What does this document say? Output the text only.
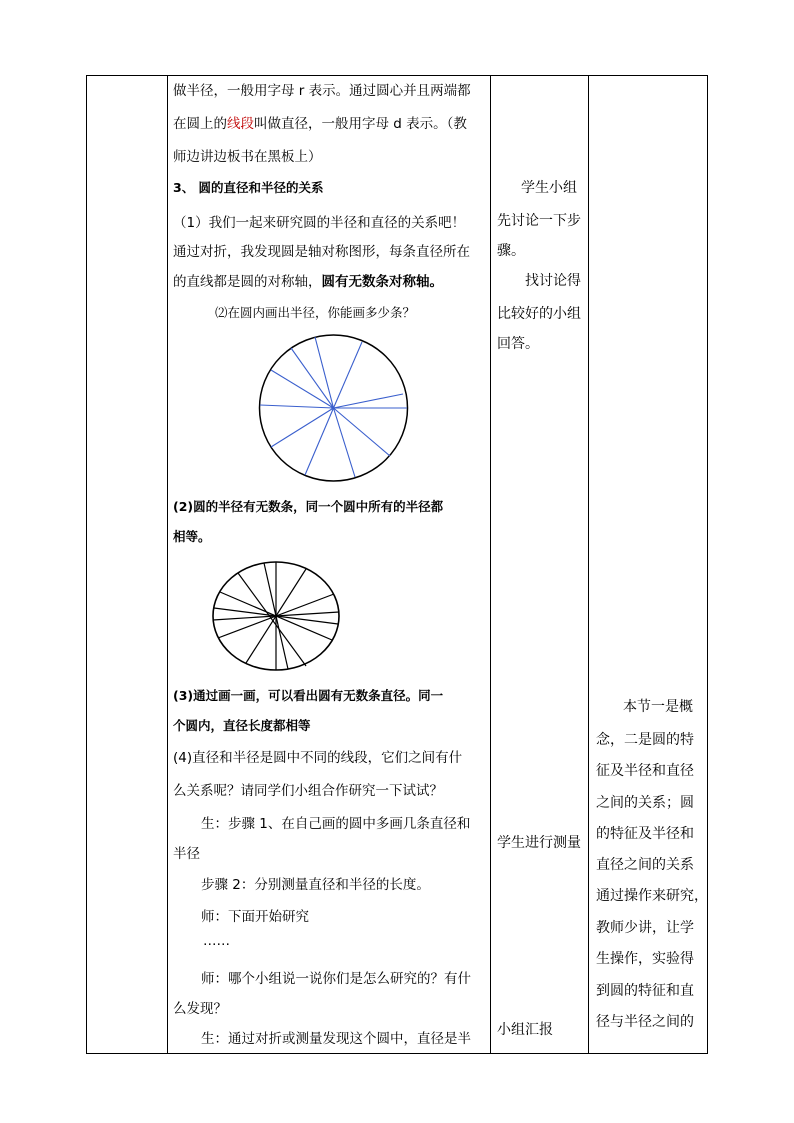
做半径，一般用字母 r 表示。通过圆心并且两端都
在圆上的线段叫做直径，一般用字母 d 表示。（教
师边讲边板书在黑板上）
3、 圆的直径和半径的关系
（1）我们一起来研究圆的半径和直径的关系吧！
通过对折，我发现圆是轴对称图形，每条直径所在
的直线都是圆的对称轴，圆有无数条对称轴。
⑵在圆内画出半径，你能画多少条？
(2)圆的半径有无数条，同一个圆中所有的半径都
相等。
(3)通过画一画，可以看出圆有无数条直径。同一
个圆内，直径长度都相等
(4)直径和半径是圆中不同的线段，它们之间有什
么关系呢？请同学们小组合作研究一下试试？
生：步骤 1、在自己画的圆中多画几条直径和
半径
步骤 2：分别测量直径和半径的长度。
师：下面开始研究
……
师：哪个小组说一说你们是怎么研究的？有什
么发现？
生：通过对折或测量发现这个圆中，直径是半
学生小组
先讨论一下步
骤。
找讨论得
比较好的小组
回答。
学生进行测量
小组汇报
本节一是概
念，二是圆的特
征及半径和直径
之间的关系；圆
的特征及半径和
直径之间的关系
通过操作来研究，
教师少讲，让学
生操作，实验得
到圆的特征和直
径与半径之间的
